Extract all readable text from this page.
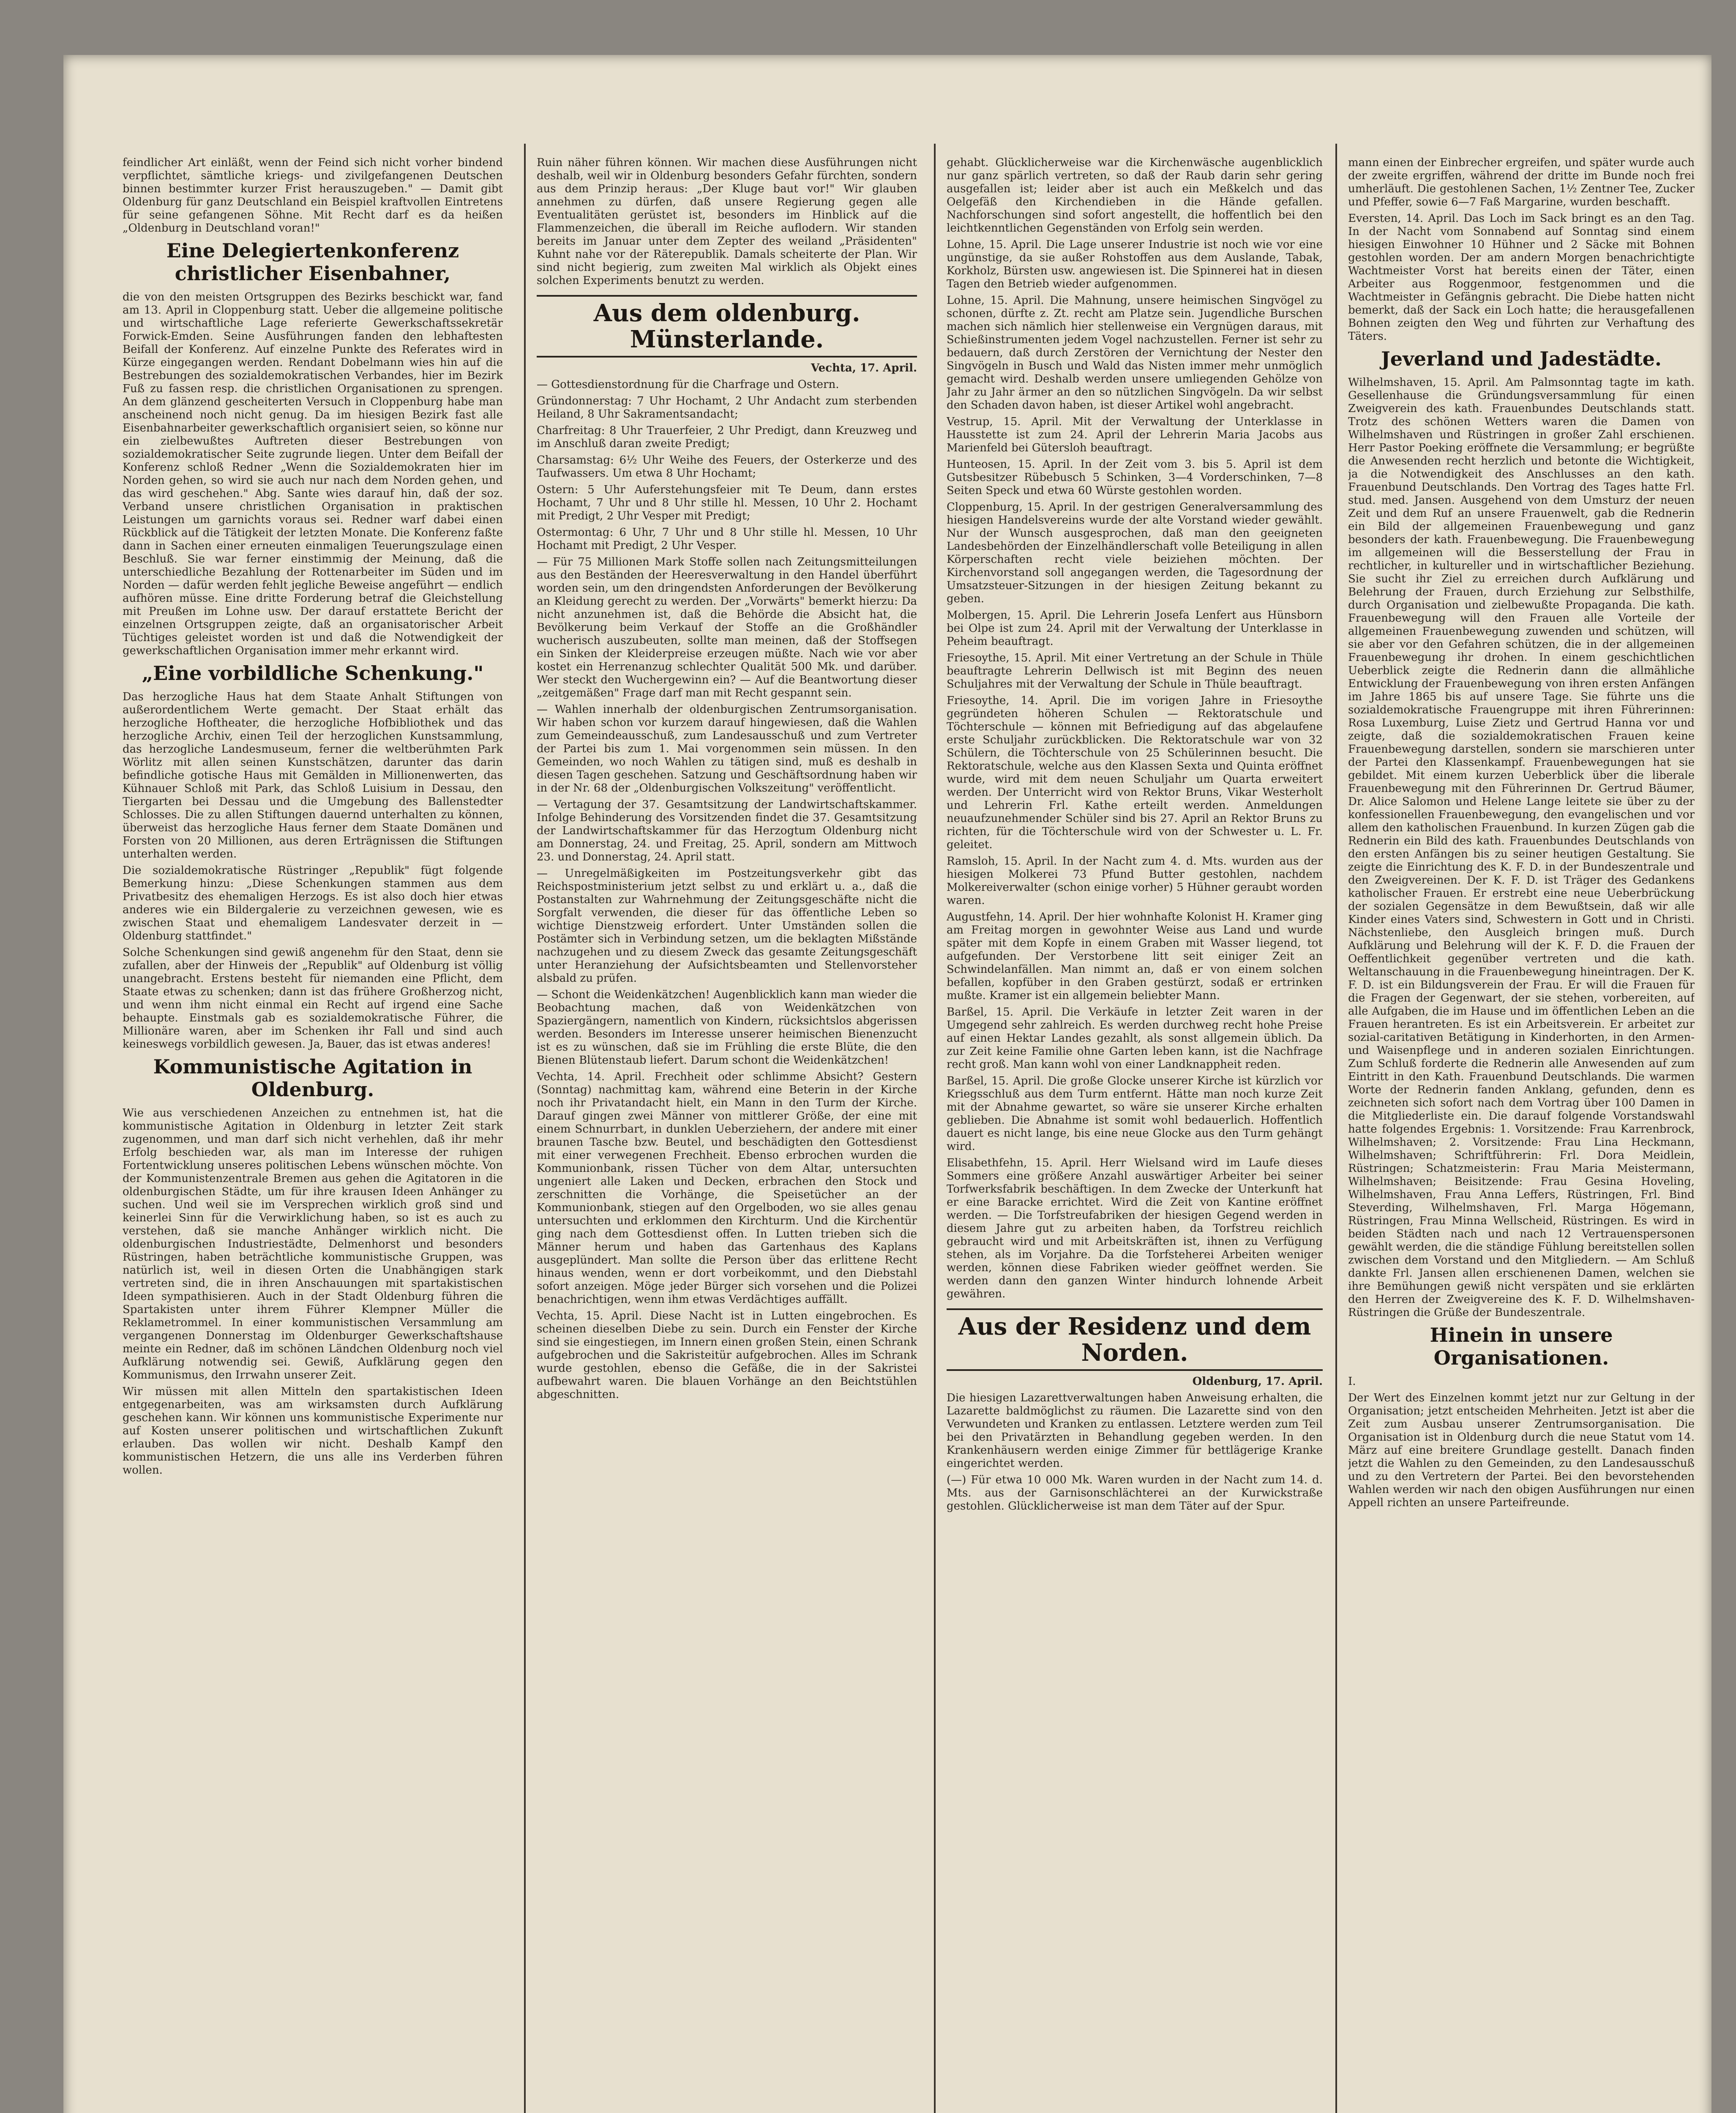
feindlicher Art einläßt, wenn der Feind sich nicht vorher bindend verpflichtet, sämtliche kriegs- und zivilgefangenen Deutschen binnen bestimmter kurzer Frist herauszugeben." — Damit gibt Oldenburg für ganz Deutschland ein Beispiel kraftvollen Eintretens für seine gefangenen Söhne. Mit Recht darf es da heißen „Oldenburg in Deutschland voran!"

Eine Delegiertenkonferenz christlicher Eisenbahner,

die von den meisten Ortsgruppen des Bezirks beschickt war, fand am 13. April in Cloppenburg statt. Ueber die allgemeine politische und wirtschaftliche Lage referierte Gewerkschaftssekretär Forwick-Emden. Seine Ausführungen fanden den lebhaftesten Beifall der Konferenz. Auf einzelne Punkte des Referates wird in Kürze eingegangen werden. Rendant Dobelmann wies hin auf die Bestrebungen des sozialdemokratischen Verbandes, hier im Bezirk Fuß zu fassen resp. die christlichen Organisationen zu sprengen. An dem glänzend gescheiterten Versuch in Cloppenburg habe man anscheinend noch nicht genug. Da im hiesigen Bezirk fast alle Eisenbahnarbeiter gewerkschaftlich organisiert seien, so könne nur ein zielbewußtes Auftreten dieser Bestrebungen von sozialdemokratischer Seite zugrunde liegen. Unter dem Beifall der Konferenz schloß Redner „Wenn die Sozialdemokraten hier im Norden gehen, so wird sie auch nur nach dem Norden gehen, und das wird geschehen." Abg. Sante wies darauf hin, daß der soz. Verband unsere christlichen Organisation in praktischen Leistungen um garnichts voraus sei. Redner warf dabei einen Rückblick auf die Tätigkeit der letzten Monate. Die Konferenz faßte dann in Sachen einer erneuten einmaligen Teuerungszulage einen Beschluß. Sie war ferner einstimmig der Meinung, daß die unterschiedliche Bezahlung der Rottenarbeiter im Süden und im Norden — dafür werden fehlt jegliche Beweise angeführt — endlich aufhören müsse. Eine dritte Forderung betraf die Gleichstellung mit Preußen im Lohne usw. Der darauf erstattete Bericht der einzelnen Ortsgruppen zeigte, daß an organisatorischer Arbeit Tüchtiges geleistet worden ist und daß die Notwendigkeit der gewerkschaftlichen Organisation immer mehr erkannt wird.

„Eine vorbildliche Schenkung."

Das herzogliche Haus hat dem Staate Anhalt Stiftungen von außerordentlichem Werte gemacht. Der Staat erhält das herzogliche Hoftheater, die herzogliche Hofbibliothek und das herzogliche Archiv, einen Teil der herzoglichen Kunstsammlung, das herzogliche Landesmuseum, ferner die weltberühmten Park Wörlitz mit allen seinen Kunstschätzen, darunter das darin befindliche gotische Haus mit Gemälden in Millionenwerten, das Kühnauer Schloß mit Park, das Schloß Luisium in Dessau, den Tiergarten bei Dessau und die Umgebung des Ballenstedter Schlosses. Die zu allen Stiftungen dauernd unterhalten zu können, überweist das herzogliche Haus ferner dem Staate Domänen und Forsten von 20 Millionen, aus deren Erträgnissen die Stiftungen unterhalten werden.

Die sozialdemokratische Rüstringer „Republik" fügt folgende Bemerkung hinzu: „Diese Schenkungen stammen aus dem Privatbesitz des ehemaligen Herzogs. Es ist also doch hier etwas anderes wie ein Bildergalerie zu verzeichnen gewesen, wie es zwischen Staat und ehemaligem Landesvater derzeit in — Oldenburg stattfindet."

Solche Schenkungen sind gewiß angenehm für den Staat, denn sie zufallen, aber der Hinweis der „Republik" auf Oldenburg ist völlig unangebracht. Erstens besteht für niemanden eine Pflicht, dem Staate etwas zu schenken; dann ist das frühere Großherzog nicht, und wenn ihm nicht einmal ein Recht auf irgend eine Sache behaupte. Einstmals gab es sozialdemokratische Führer, die Millionäre waren, aber im Schenken ihr Fall und sind auch keineswegs vorbildlich gewesen. Ja, Bauer, das ist etwas anderes!

Kommunistische Agitation in Oldenburg.

Wie aus verschiedenen Anzeichen zu entnehmen ist, hat die kommunistische Agitation in Oldenburg in letzter Zeit stark zugenommen, und man darf sich nicht verhehlen, daß ihr mehr Erfolg beschieden war, als man im Interesse der ruhigen Fortentwicklung unseres politischen Lebens wünschen möchte. Von der Kommunistenzentrale Bremen aus gehen die Agitatoren in die oldenburgischen Städte, um für ihre krausen Ideen Anhänger zu suchen. Und weil sie im Versprechen wirklich groß sind und keinerlei Sinn für die Verwirklichung haben, so ist es auch zu verstehen, daß sie manche Anhänger wirklich nicht. Die oldenburgischen Industriestädte, Delmenhorst und besonders Rüstringen, haben beträchtliche kommunistische Gruppen, was natürlich ist, weil in diesen Orten die Unabhängigen stark vertreten sind, die in ihren Anschauungen mit spartakistischen Ideen sympathisieren. Auch in der Stadt Oldenburg führen die Spartakisten unter ihrem Führer Klempner Müller die Reklametrommel. In einer kommunistischen Versammlung am vergangenen Donnerstag im Oldenburger Gewerkschaftshause meinte ein Redner, daß im schönen Ländchen Oldenburg noch viel Aufklärung notwendig sei. Gewiß, Aufklärung gegen den Kommunismus, den Irrwahn unserer Zeit.

Wir müssen mit allen Mitteln den spartakistischen Ideen entgegenarbeiten, was am wirksamsten durch Aufklärung geschehen kann. Wir können uns kommunistische Experimente nur auf Kosten unserer politischen und wirtschaftlichen Zukunft erlauben. Das wollen wir nicht. Deshalb Kampf den kommunistischen Hetzern, die uns alle ins Verderben führen wollen.

Ruin näher führen können. Wir machen diese Ausführungen nicht deshalb, weil wir in Oldenburg besonders Gefahr fürchten, sondern aus dem Prinzip heraus: „Der Kluge baut vor!" Wir glauben annehmen zu dürfen, daß unsere Regierung gegen alle Eventualitäten gerüstet ist, besonders im Hinblick auf die Flammenzeichen, die überall im Reiche auflodern. Wir standen bereits im Januar unter dem Zepter des weiland „Präsidenten" Kuhnt nahe vor der Räterepublik. Damals scheiterte der Plan. Wir sind nicht begierig, zum zweiten Mal wirklich als Objekt eines solchen Experiments benutzt zu werden.

Aus dem oldenburg. Münsterlande.

Vechta, 17. April.

— Gottesdienstordnung für die Charfrage und Ostern.

Gründonnerstag: 7 Uhr Hochamt, 2 Uhr Andacht zum sterbenden Heiland, 8 Uhr Sakramentsandacht;

Charfreitag: 8 Uhr Trauerfeier, 2 Uhr Predigt, dann Kreuzweg und im Anschluß daran zweite Predigt;

Charsamstag: 6½ Uhr Weihe des Feuers, der Osterkerze und des Taufwassers. Um etwa 8 Uhr Hochamt;

Ostern: 5 Uhr Auferstehungsfeier mit Te Deum, dann erstes Hochamt, 7 Uhr und 8 Uhr stille hl. Messen, 10 Uhr 2. Hochamt mit Predigt, 2 Uhr Vesper mit Predigt;

Ostermontag: 6 Uhr, 7 Uhr und 8 Uhr stille hl. Messen, 10 Uhr Hochamt mit Predigt, 2 Uhr Vesper.

— Für 75 Millionen Mark Stoffe sollen nach Zeitungsmitteilungen aus den Beständen der Heeresverwaltung in den Handel überführt worden sein, um den dringendsten Anforderungen der Bevölkerung an Kleidung gerecht zu werden. Der „Vorwärts" bemerkt hierzu: Da nicht anzunehmen ist, daß die Behörde die Absicht hat, die Bevölkerung beim Verkauf der Stoffe an die Großhändler wucherisch auszubeuten, sollte man meinen, daß der Stoffsegen ein Sinken der Kleiderpreise erzeugen müßte. Nach wie vor aber kostet ein Herrenanzug schlechter Qualität 500 Mk. und darüber. Wer steckt den Wuchergewinn ein? — Auf die Beantwortung dieser „zeitgemäßen" Frage darf man mit Recht gespannt sein.

— Wahlen innerhalb der oldenburgischen Zentrumsorganisation. Wir haben schon vor kurzem darauf hingewiesen, daß die Wahlen zum Gemeindeausschuß, zum Landesausschuß und zum Vertreter der Partei bis zum 1. Mai vorgenommen sein müssen. In den Gemeinden, wo noch Wahlen zu tätigen sind, muß es deshalb in diesen Tagen geschehen. Satzung und Geschäftsordnung haben wir in der Nr. 68 der „Oldenburgischen Volkszeitung" veröffentlicht.

— Vertagung der 37. Gesamtsitzung der Landwirtschaftskammer. Infolge Behinderung des Vorsitzenden findet die 37. Gesamtsitzung der Landwirtschaftskammer für das Herzogtum Oldenburg nicht am Donnerstag, 24. und Freitag, 25. April, sondern am Mittwoch 23. und Donnerstag, 24. April statt.

— Unregelmäßigkeiten im Postzeitungsverkehr gibt das Reichspostministerium jetzt selbst zu und erklärt u. a., daß die Postanstalten zur Wahrnehmung der Zeitungsgeschäfte nicht die Sorgfalt verwenden, die dieser für das öffentliche Leben so wichtige Dienstzweig erfordert. Unter Umständen sollen die Postämter sich in Verbindung setzen, um die beklagten Mißstände nachzugehen und zu diesem Zweck das gesamte Zeitungsgeschäft unter Heranziehung der Aufsichtsbeamten und Stellenvorsteher alsbald zu prüfen.

— Schont die Weidenkätzchen! Augenblicklich kann man wieder die Beobachtung machen, daß von Weidenkätzchen von Spaziergängern, namentlich von Kindern, rücksichtslos abgerissen werden. Besonders im Interesse unserer heimischen Bienenzucht ist es zu wünschen, daß sie im Frühling die erste Blüte, die den Bienen Blütenstaub liefert. Darum schont die Weidenkätzchen!

Vechta, 14. April. Frechheit oder schlimme Absicht? Gestern (Sonntag) nachmittag kam, während eine Beterin in der Kirche noch ihr Privatandacht hielt, ein Mann in den Turm der Kirche. Darauf gingen zwei Männer von mittlerer Größe, der eine mit einem Schnurrbart, in dunklen Ueberziehern, der andere mit einer braunen Tasche bzw. Beutel, und beschädigten den Gottesdienst mit einer verwegenen Frechheit. Ebenso erbrochen wurden die Kommunionbank, rissen Tücher von dem Altar, untersuchten ungeniert alle Laken und Decken, erbrachen den Stock und zerschnitten die Vorhänge, die Speisetücher an der Kommunionbank, stiegen auf den Orgelboden, wo sie alles genau untersuchten und erklommen den Kirchturm. Und die Kirchentür ging nach dem Gottesdienst offen. In Lutten trieben sich die Männer herum und haben das Gartenhaus des Kaplans ausgeplündert. Man sollte die Person über das erlittene Recht hinaus wenden, wenn er dort vorbeikommt, und den Diebstahl sofort anzeigen. Möge jeder Bürger sich vorsehen und die Polizei benachrichtigen, wenn ihm etwas Verdächtiges auffällt.

Vechta, 15. April. Diese Nacht ist in Lutten eingebrochen. Es scheinen dieselben Diebe zu sein. Durch ein Fenster der Kirche sind sie eingestiegen, im Innern einen großen Stein, einen Schrank aufgebrochen und die Sakristeitür aufgebrochen. Alles im Schrank wurde gestohlen, ebenso die Gefäße, die in der Sakristei aufbewahrt waren. Die blauen Vorhänge an den Beichtstühlen abgeschnitten.

gehabt. Glücklicherweise war die Kirchenwäsche augenblicklich nur ganz spärlich vertreten, so daß der Raub darin sehr gering ausgefallen ist; leider aber ist auch ein Meßkelch und das Oelgefäß den Kirchendieben in die Hände gefallen. Nachforschungen sind sofort angestellt, die hoffentlich bei den leichtkenntlichen Gegenständen von Erfolg sein werden.

Lohne, 15. April. Die Lage unserer Industrie ist noch wie vor eine ungünstige, da sie außer Rohstoffen aus dem Auslande, Tabak, Korkholz, Bürsten usw. angewiesen ist. Die Spinnerei hat in diesen Tagen den Betrieb wieder aufgenommen.

Lohne, 15. April. Die Mahnung, unsere heimischen Singvögel zu schonen, dürfte z. Zt. recht am Platze sein. Jugendliche Burschen machen sich nämlich hier stellenweise ein Vergnügen daraus, mit Schießinstrumenten jedem Vogel nachzustellen. Ferner ist sehr zu bedauern, daß durch Zerstören der Vernichtung der Nester den Singvögeln in Busch und Wald das Nisten immer mehr unmöglich gemacht wird. Deshalb werden unsere umliegenden Gehölze von Jahr zu Jahr ärmer an den so nützlichen Singvögeln. Da wir selbst den Schaden davon haben, ist dieser Artikel wohl angebracht.

Vestrup, 15. April. Mit der Verwaltung der Unterklasse in Hausstette ist zum 24. April der Lehrerin Maria Jacobs aus Marienfeld bei Gütersloh beauftragt.

Hunteosen, 15. April. In der Zeit vom 3. bis 5. April ist dem Gutsbesitzer Rübebusch 5 Schinken, 3—4 Vorderschinken, 7—8 Seiten Speck und etwa 60 Würste gestohlen worden.

Cloppenburg, 15. April. In der gestrigen Generalversammlung des hiesigen Handelsvereins wurde der alte Vorstand wieder gewählt. Nur der Wunsch ausgesprochen, daß man den geeigneten Landesbehörden der Einzelhändlerschaft volle Beteiligung in allen Körperschaften recht viele beiziehen möchten. Der Kirchenvorstand soll angegangen werden, die Tagesordnung der Umsatzsteuer-Sitzungen in der hiesigen Zeitung bekannt zu geben.

Molbergen, 15. April. Die Lehrerin Josefa Lenfert aus Hünsborn bei Olpe ist zum 24. April mit der Verwaltung der Unterklasse in Peheim beauftragt.

Friesoythe, 15. April. Mit einer Vertretung an der Schule in Thüle beauftragte Lehrerin Dellwisch ist mit Beginn des neuen Schuljahres mit der Verwaltung der Schule in Thüle beauftragt.

Friesoythe, 14. April. Die im vorigen Jahre in Friesoythe gegründeten höheren Schulen — Rektoratschule und Töchterschule — können mit Befriedigung auf das abgelaufene erste Schuljahr zurückblicken. Die Rektoratschule war von 32 Schülern, die Töchterschule von 25 Schülerinnen besucht. Die Rektoratschule, welche aus den Klassen Sexta und Quinta eröffnet wurde, wird mit dem neuen Schuljahr um Quarta erweitert werden. Der Unterricht wird von Rektor Bruns, Vikar Westerholt und Lehrerin Frl. Kathe erteilt werden. Anmeldungen neuaufzunehmender Schüler sind bis 27. April an Rektor Bruns zu richten, für die Töchterschule wird von der Schwester u. L. Fr. geleitet.

Ramsloh, 15. April. In der Nacht zum 4. d. Mts. wurden aus der hiesigen Molkerei 73 Pfund Butter gestohlen, nachdem Molkereiverwalter (schon einige vorher) 5 Hühner geraubt worden waren.

Augustfehn, 14. April. Der hier wohnhafte Kolonist H. Kramer ging am Freitag morgen in gewohnter Weise aus Land und wurde später mit dem Kopfe in einem Graben mit Wasser liegend, tot aufgefunden. Der Verstorbene litt seit einiger Zeit an Schwindelanfällen. Man nimmt an, daß er von einem solchen befallen, kopfüber in den Graben gestürzt, sodaß er ertrinken mußte. Kramer ist ein allgemein beliebter Mann.

Barßel, 15. April. Die Verkäufe in letzter Zeit waren in der Umgegend sehr zahlreich. Es werden durchweg recht hohe Preise auf einen Hektar Landes gezahlt, als sonst allgemein üblich. Da zur Zeit keine Familie ohne Garten leben kann, ist die Nachfrage recht groß. Man kann wohl von einer Landknappheit reden.

Barßel, 15. April. Die große Glocke unserer Kirche ist kürzlich vor Kriegsschluß aus dem Turm entfernt. Hätte man noch kurze Zeit mit der Abnahme gewartet, so wäre sie unserer Kirche erhalten geblieben. Die Abnahme ist somit wohl bedauerlich. Hoffentlich dauert es nicht lange, bis eine neue Glocke aus den Turm gehängt wird.

Elisabethfehn, 15. April. Herr Wielsand wird im Laufe dieses Sommers eine größere Anzahl auswärtiger Arbeiter bei seiner Torfwerksfabrik beschäftigen. In dem Zwecke der Unterkunft hat er eine Baracke errichtet. Wird die Zeit von Kantine eröffnet werden. — Die Torfstreufabriken der hiesigen Gegend werden in diesem Jahre gut zu arbeiten haben, da Torfstreu reichlich gebraucht wird und mit Arbeitskräften ist, ihnen zu Verfügung stehen, als im Vorjahre. Da die Torfsteherei Arbeiten weniger werden, können diese Fabriken wieder geöffnet werden. Sie werden dann den ganzen Winter hindurch lohnende Arbeit gewähren.

Aus der Residenz und dem Norden.

Oldenburg, 17. April.

Die hiesigen Lazarettverwaltungen haben Anweisung erhalten, die Lazarette baldmöglichst zu räumen. Die Lazarette sind von den Verwundeten und Kranken zu entlassen. Letztere werden zum Teil bei den Privatärzten in Behandlung gegeben werden. In den Krankenhäusern werden einige Zimmer für bettlägerige Kranke eingerichtet werden.

(—) Für etwa 10 000 Mk. Waren wurden in der Nacht zum 14. d. Mts. aus der Garnisonschlächterei an der Kurwickstraße gestohlen. Glücklicherweise ist man dem Täter auf der Spur.

mann einen der Einbrecher ergreifen, und später wurde auch der zweite ergriffen, während der dritte im Bunde noch frei umherläuft. Die gestohlenen Sachen, 1½ Zentner Tee, Zucker und Pfeffer, sowie 6—7 Faß Margarine, wurden beschafft.

Eversten, 14. April. Das Loch im Sack bringt es an den Tag. In der Nacht vom Sonnabend auf Sonntag sind einem hiesigen Einwohner 10 Hühner und 2 Säcke mit Bohnen gestohlen worden. Der am andern Morgen benachrichtigte Wachtmeister Vorst hat bereits einen der Täter, einen Arbeiter aus Roggenmoor, festgenommen und die Wachtmeister in Gefängnis gebracht. Die Diebe hatten nicht bemerkt, daß der Sack ein Loch hatte; die herausgefallenen Bohnen zeigten den Weg und führten zur Verhaftung des Täters.

Jeverland und Jadestädte.

Wilhelmshaven, 15. April. Am Palmsonntag tagte im kath. Gesellenhause die Gründungsversammlung für einen Zweigverein des kath. Frauenbundes Deutschlands statt. Trotz des schönen Wetters waren die Damen von Wilhelmshaven und Rüstringen in großer Zahl erschienen. Herr Pastor Poeking eröffnete die Versammlung; er begrüßte die Anwesenden recht herzlich und betonte die Wichtigkeit, ja die Notwendigkeit des Anschlusses an den kath. Frauenbund Deutschlands. Den Vortrag des Tages hatte Frl. stud. med. Jansen. Ausgehend von dem Umsturz der neuen Zeit und dem Ruf an unsere Frauenwelt, gab die Rednerin ein Bild der allgemeinen Frauenbewegung und ganz besonders der kath. Frauenbewegung. Die Frauenbewegung im allgemeinen will die Besserstellung der Frau in rechtlicher, in kultureller und in wirtschaftlicher Beziehung. Sie sucht ihr Ziel zu erreichen durch Aufklärung und Belehrung der Frauen, durch Erziehung zur Selbsthilfe, durch Organisation und zielbewußte Propaganda. Die kath. Frauenbewegung will den Frauen alle Vorteile der allgemeinen Frauenbewegung zuwenden und schützen, will sie aber vor den Gefahren schützen, die in der allgemeinen Frauenbewegung ihr drohen. In einem geschichtlichen Ueberblick zeigte die Rednerin dann die allmähliche Entwicklung der Frauenbewegung von ihren ersten Anfängen im Jahre 1865 bis auf unsere Tage. Sie führte uns die sozialdemokratische Frauengruppe mit ihren Führerinnen: Rosa Luxemburg, Luise Zietz und Gertrud Hanna vor und zeigte, daß die sozialdemokratischen Frauen keine Frauenbewegung darstellen, sondern sie marschieren unter der Partei den Klassenkampf. Frauenbewegungen hat sie gebildet. Mit einem kurzen Ueberblick über die liberale Frauenbewegung mit den Führerinnen Dr. Gertrud Bäumer, Dr. Alice Salomon und Helene Lange leitete sie über zu der konfessionellen Frauenbewegung, den evangelischen und vor allem den katholischen Frauenbund. In kurzen Zügen gab die Rednerin ein Bild des kath. Frauenbundes Deutschlands von den ersten Anfängen bis zu seiner heutigen Gestaltung. Sie zeigte die Einrichtung des K. F. D. in der Bundeszentrale und den Zweigvereinen. Der K. F. D. ist Träger des Gedankens katholischer Frauen. Er erstrebt eine neue Ueberbrückung der sozialen Gegensätze in dem Bewußtsein, daß wir alle Kinder eines Vaters sind, Schwestern in Gott und in Christi. Nächstenliebe, den Ausgleich bringen muß. Durch Aufklärung und Belehrung will der K. F. D. die Frauen der Oeffentlichkeit gegenüber vertreten und die kath. Weltanschauung in die Frauenbewegung hineintragen. Der K. F. D. ist ein Bildungsverein der Frau. Er will die Frauen für die Fragen der Gegenwart, der sie stehen, vorbereiten, auf alle Aufgaben, die im Hause und im öffentlichen Leben an die Frauen herantreten. Es ist ein Arbeitsverein. Er arbeitet zur sozial-caritativen Betätigung in Kinderhorten, in den Armen- und Waisenpflege und in anderen sozialen Einrichtungen. Zum Schluß forderte die Rednerin alle Anwesenden auf zum Eintritt in den Kath. Frauenbund Deutschlands. Die warmen Worte der Rednerin fanden Anklang, gefunden, denn es zeichneten sich sofort nach dem Vortrag über 100 Damen in die Mitgliederliste ein. Die darauf folgende Vorstandswahl hatte folgendes Ergebnis: 1. Vorsitzende: Frau Karrenbrock, Wilhelmshaven; 2. Vorsitzende: Frau Lina Heckmann, Wilhelmshaven; Schriftführerin: Frl. Dora Meidlein, Rüstringen; Schatzmeisterin: Frau Maria Meistermann, Wilhelmshaven; Beisitzende: Frau Gesina Hoveling, Wilhelmshaven, Frau Anna Leffers, Rüstringen, Frl. Bind Steverding, Wilhelmshaven, Frl. Marga Högemann, Rüstringen, Frau Minna Wellscheid, Rüstringen. Es wird in beiden Städten nach und nach 12 Vertrauenspersonen gewählt werden, die die ständige Fühlung bereitstellen sollen zwischen dem Vorstand und den Mitgliedern. — Am Schluß dankte Frl. Jansen allen erschienenen Damen, welchen sie ihre Bemühungen gewiß nicht verspäten und sie erklärten den Herren der Zweigvereine des K. F. D. Wilhelmshaven-Rüstringen die Grüße der Bundeszentrale.

Hinein in unsere Organisationen.

I.

Der Wert des Einzelnen kommt jetzt nur zur Geltung in der Organisation; jetzt entscheiden Mehrheiten. Jetzt ist aber die Zeit zum Ausbau unserer Zentrumsorganisation. Die Organisation ist in Oldenburg durch die neue Statut vom 14. März auf eine breitere Grundlage gestellt. Danach finden jetzt die Wahlen zu den Gemeinden, zu den Landesausschuß und zu den Vertretern der Partei. Bei den bevorstehenden Wahlen werden wir nach den obigen Ausführungen nur einen Appell richten an unsere Parteifreunde.
